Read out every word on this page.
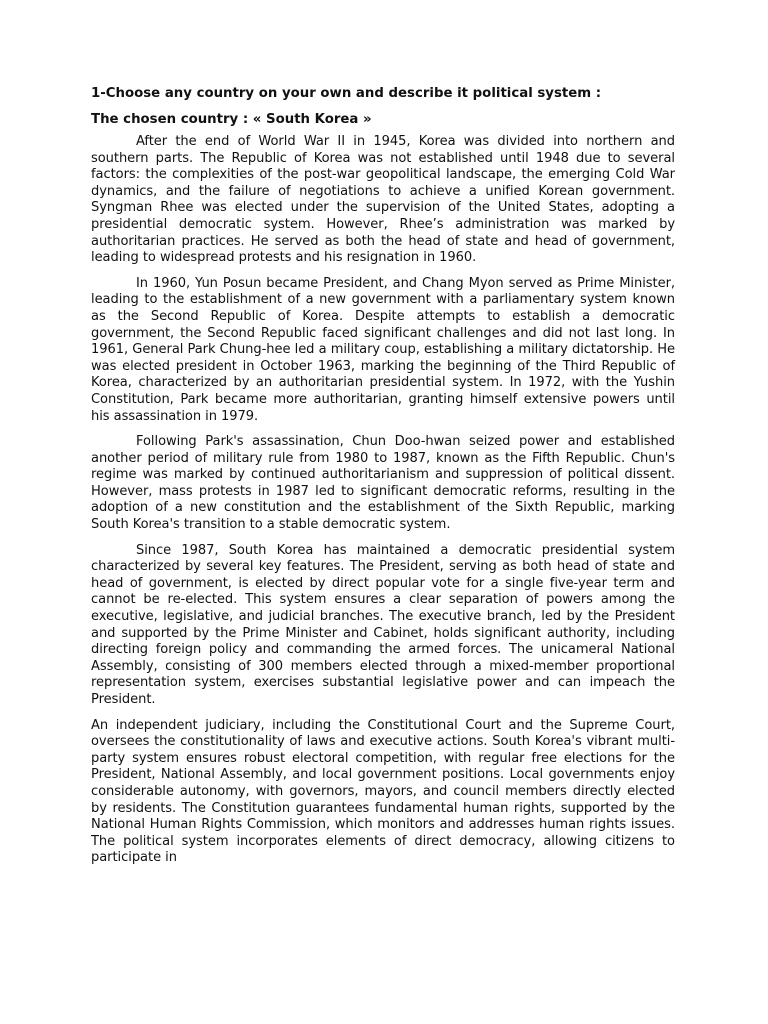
1-Choose any country on your own and describe it political system :

The chosen country : « South Korea »

After the end of World War II in 1945, Korea was divided into northern and southern parts. The Republic of Korea was not established until 1948 due to several factors: the complexities of the post-war geopolitical landscape, the emerging Cold War dynamics, and the failure of negotiations to achieve a unified Korean government. Syngman Rhee was elected under the supervision of the United States, adopting a presidential democratic system. However, Rhee’s administration was marked by authoritarian practices. He served as both the head of state and head of government, leading to widespread protests and his resignation in 1960.

In 1960, Yun Posun became President, and Chang Myon served as Prime Minister, leading to the establishment of a new government with a parliamentary system known as the Second Republic of Korea. Despite attempts to establish a democratic government, the Second Republic faced significant challenges and did not last long. In 1961, General Park Chung-hee led a military coup, establishing a military dictatorship. He was elected president in October 1963, marking the beginning of the Third Republic of Korea, characterized by an authoritarian presidential system. In 1972, with the Yushin Constitution, Park became more authoritarian, granting himself extensive powers until his assassination in 1979.

Following Park's assassination, Chun Doo-hwan seized power and established another period of military rule from 1980 to 1987, known as the Fifth Republic. Chun's regime was marked by continued authoritarianism and suppression of political dissent. However, mass protests in 1987 led to significant democratic reforms, resulting in the adoption of a new constitution and the establishment of the Sixth Republic, marking South Korea's transition to a stable democratic system.

Since 1987, South Korea has maintained a democratic presidential system characterized by several key features. The President, serving as both head of state and head of government, is elected by direct popular vote for a single five-year term and cannot be re-elected. This system ensures a clear separation of powers among the executive, legislative, and judicial branches. The executive branch, led by the President and supported by the Prime Minister and Cabinet, holds significant authority, including directing foreign policy and commanding the armed forces. The unicameral National Assembly, consisting of 300 members elected through a mixed-member proportional representation system, exercises substantial legislative power and can impeach the President.

An independent judiciary, including the Constitutional Court and the Supreme Court, oversees the constitutionality of laws and executive actions. South Korea's vibrant multi-party system ensures robust electoral competition, with regular free elections for the President, National Assembly, and local government positions. Local governments enjoy considerable autonomy, with governors, mayors, and council members directly elected by residents. The Constitution guarantees fundamental human rights, supported by the National Human Rights Commission, which monitors and addresses human rights issues. The political system incorporates elements of direct democracy, allowing citizens to participate in
